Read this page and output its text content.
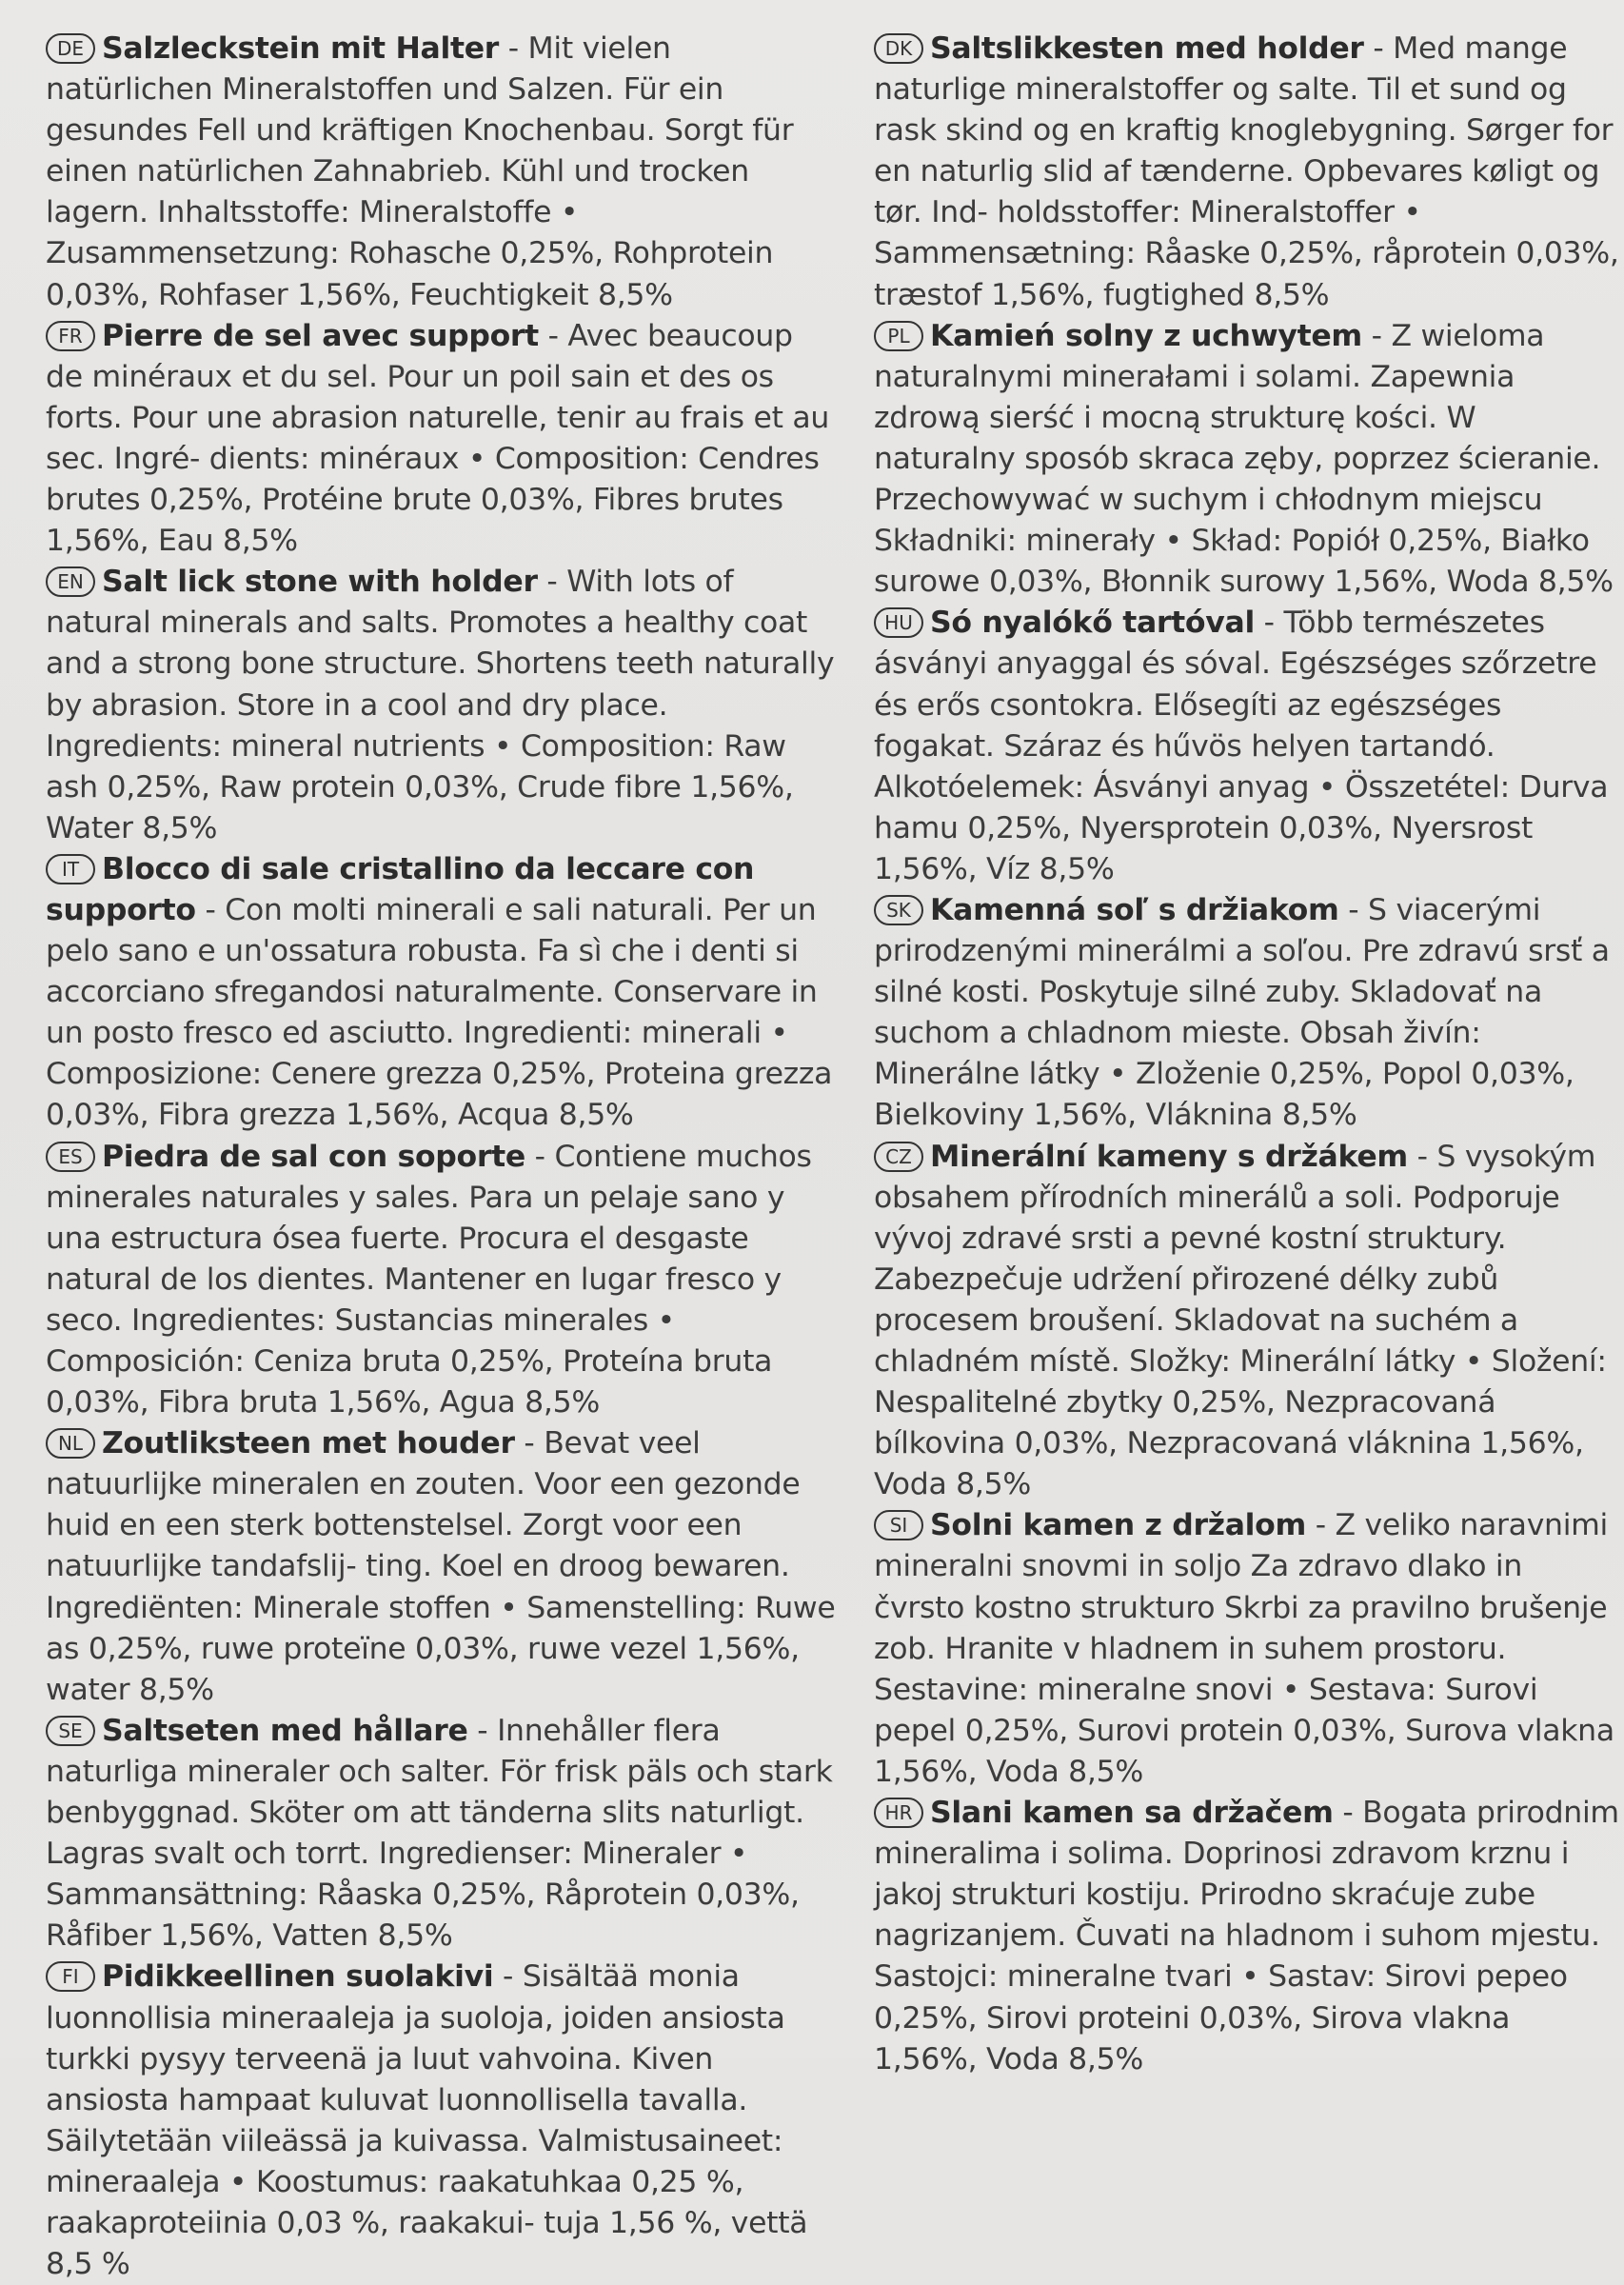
DE Salzleckstein mit Halter - Mit vielen natürlichen Mineralstoffen und Salzen. Für ein gesundes Fell und kräftigen Knochenbau. Sorgt für einen natürlichen Zahnabrieb. Kühl und trocken lagern. Inhaltsstoffe: Mineralstoffe • Zusammensetzung: Rohasche 0,25%, Rohprotein 0,03%, Rohfaser 1,56%, Feuchtigkeit 8,5%

FR Pierre de sel avec support - Avec beaucoup de minéraux et du sel. Pour un poil sain et des os forts. Pour une abrasion naturelle, tenir au frais et au sec. Ingré- dients: minéraux • Composition: Cendres brutes 0,25%, Protéine brute 0,03%, Fibres brutes 1,56%, Eau 8,5%

EN Salt lick stone with holder - With lots of natural minerals and salts. Promotes a healthy coat and a strong bone structure. Shortens teeth naturally by abrasion. Store in a cool and dry place. Ingredients: mineral nutrients • Composition: Raw ash 0,25%, Raw protein 0,03%, Crude fibre 1,56%, Water 8,5%

IT Blocco di sale cristallino da leccare con supporto - Con molti minerali e sali naturali. Per un pelo sano e un'ossatura robusta. Fa sì che i denti si accorciano sfregandosi naturalmente. Conservare in un posto fresco ed asciutto. Ingredienti: minerali • Composizione: Cenere grezza 0,25%, Proteina grezza 0,03%, Fibra grezza 1,56%, Acqua 8,5%

ES Piedra de sal con soporte - Contiene muchos minerales naturales y sales. Para un pelaje sano y una estructura ósea fuerte. Procura el desgaste natural de los dientes. Mantener en lugar fresco y seco. Ingredientes: Sustancias minerales • Composición: Ceniza bruta 0,25%, Proteína bruta 0,03%, Fibra bruta 1,56%, Agua 8,5%

NL Zoutliksteen met houder - Bevat veel natuurlijke mineralen en zouten. Voor een gezonde huid en een sterk bottenstelsel. Zorgt voor een natuurlijke tandafslij- ting. Koel en droog bewaren. Ingrediënten: Minerale stoffen • Samenstelling: Ruwe as 0,25%, ruwe proteïne 0,03%, ruwe vezel 1,56%, water 8,5%

SE Saltseten med hållare - Innehåller flera naturliga mineraler och salter. För frisk päls och stark benbyggnad. Sköter om att tänderna slits naturligt. Lagras svalt och torrt. Ingredienser: Mineraler • Sammansättning: Råaska 0,25%, Råprotein 0,03%, Råfiber 1,56%, Vatten 8,5%

FI Pidikkeellinen suolakivi - Sisältää monia luonnollisia mineraaleja ja suoloja, joiden ansiosta turkki pysyy terveenä ja luut vahvoina. Kiven ansiosta hampaat kuluvat luonnollisella tavalla. Säilytetään viileässä ja kuivassa. Valmistusaineet: mineraaleja • Koostumus: raakatuhkaa 0,25 %, raakaproteiinia 0,03 %, raakakui- tuja 1,56 %, vettä 8,5 %

DK Saltslikkesten med holder - Med mange naturlige mineralstoffer og salte. Til et sund og rask skind og en kraftig knoglebygning. Sørger for en naturlig slid af tænderne. Opbevares køligt og tør. Ind- holdsstoffer: Mineralstoffer • Sammensætning: Råaske 0,25%, råprotein 0,03%, træstof 1,56%, fugtighed 8,5%

PL Kamień solny z uchwytem - Z wieloma naturalnymi minerałami i solami. Zapewnia zdrową sierść i mocną strukturę kości. W naturalny sposób skraca zęby, poprzez ścieranie. Przechowywać w suchym i chłodnym miejscu Składniki: minerały • Skład: Popiół 0,25%, Białko surowe 0,03%, Błonnik surowy 1,56%, Woda 8,5%

HU Só nyalókő tartóval - Több természetes ásványi anyaggal és sóval. Egészséges szőrzetre és erős csontokra. Elősegíti az egészséges fogakat. Száraz és hűvös helyen tartandó. Alkotóelemek: Ásványi anyag • Összetétel: Durva hamu 0,25%, Nyersprotein 0,03%, Nyersrost 1,56%, Víz 8,5%

SK Kamenná soľ s držiakom - S viacerými prirodzenými minerálmi a soľou. Pre zdravú srsť a silné kosti. Poskytuje silné zuby. Skladovať na suchom a chladnom mieste. Obsah živín: Minerálne látky • Zloženie 0,25%, Popol 0,03%, Bielkoviny 1,56%, Vláknina 8,5%

CZ Minerální kameny s držákem - S vysokým obsahem přírodních minerálů a soli. Podporuje vývoj zdravé srsti a pevné kostní struktury. Zabezpečuje udržení přirozené délky zubů procesem broušení. Skladovat na suchém a chladném místě. Složky: Minerální látky • Složení: Nespalitelné zbytky 0,25%, Nezpracovaná bílkovina 0,03%, Nezpracovaná vláknina 1,56%, Voda 8,5%

SI Solni kamen z držalom - Z veliko naravnimi mineralni snovmi in soljo Za zdravo dlako in čvrsto kostno strukturo Skrbi za pravilno brušenje zob. Hranite v hladnem in suhem prostoru. Sestavine: mineralne snovi • Sestava: Surovi pepel 0,25%, Surovi protein 0,03%, Surova vlakna 1,56%, Voda 8,5%

HR Slani kamen sa držačem - Bogata prirodnim mineralima i solima. Doprinosi zdravom krznu i jakoj strukturi kostiju. Prirodno skraćuje zube nagrizanjem. Čuvati na hladnom i suhom mjestu. Sastojci: mineralne tvari • Sastav: Sirovi pepeo 0,25%, Sirovi proteini 0,03%, Sirova vlakna 1,56%, Voda 8,5%
